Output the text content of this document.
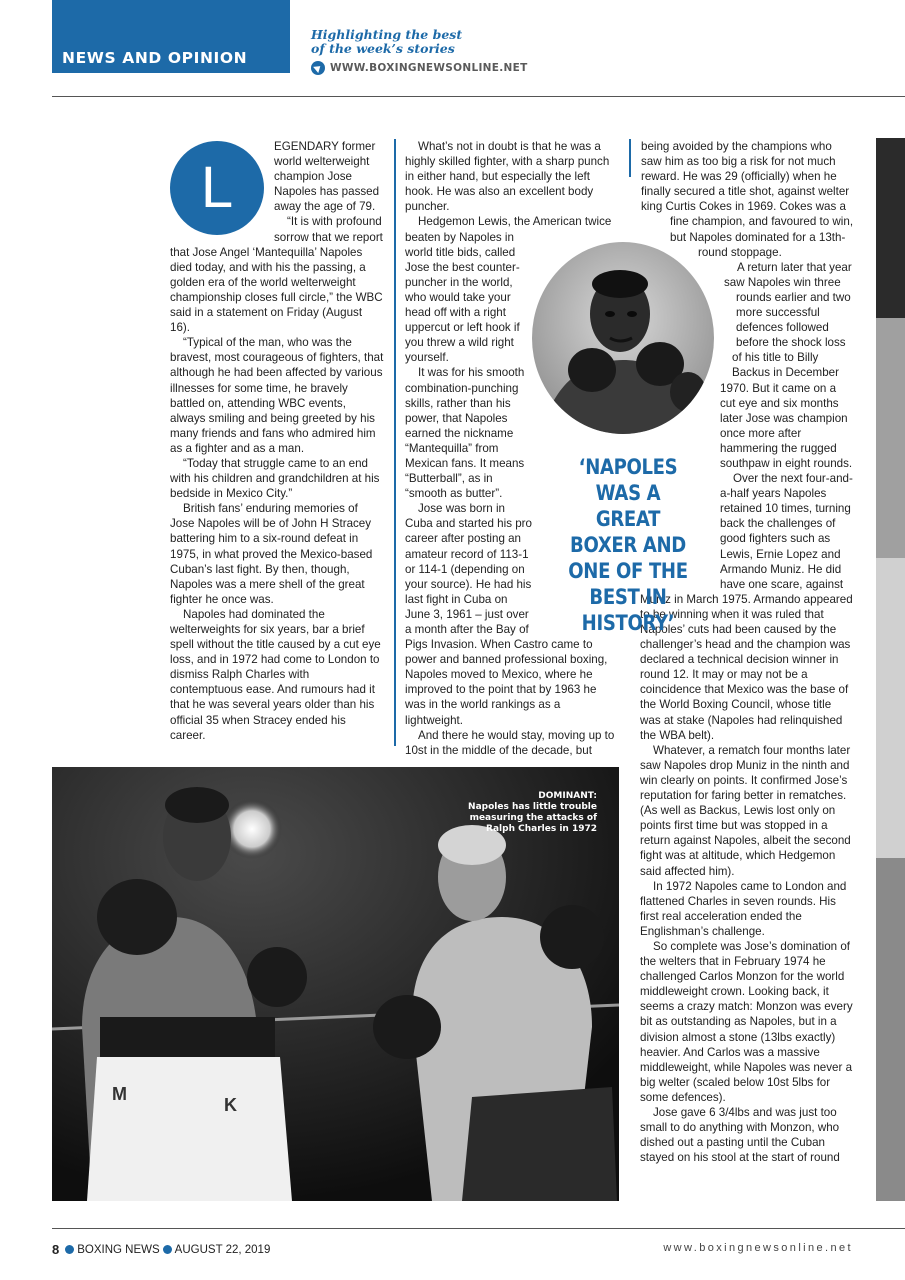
NEWS AND OPINION
Highlighting the best
of the week’s stories
WWW.BOXINGNEWSONLINE.NET
L

EGENDARY former world welterweight champion Jose Napoles has passed away the age of 79.

“It is with profound sorrow that we report that Jose Angel ‘Mantequilla’ Napoles died today, and with his the passing, a golden era of the world welterweight championship closes full circle,” the WBC said in a statement on Friday (August 16).

“Typical of the man, who was the bravest, most courageous of fighters, that although he had been affected by various illnesses for some time, he bravely battled on, attending WBC events, always smiling and being greeted by his many friends and fans who admired him as a fighter and as a man.

“Today that struggle came to an end with his children and grandchildren at his bedside in Mexico City.”

British fans’ enduring memories of Jose Napoles will be of John H Stracey battering him to a six-round defeat in 1975, in what proved the Mexico-based Cuban’s last fight. By then, though, Napoles was a mere shell of the great fighter he once was.

Napoles had dominated the welterweights for six years, bar a brief spell without the title caused by a cut eye loss, and in 1972 had come to London to dismiss Ralph Charles with contemptuous ease. And rumours had it that he was several years older than his official 35 when Stracey ended his career.

What’s not in doubt is that he was a highly skilled fighter, with a sharp punch in either hand, but especially the left hook. He was also an excellent body puncher.

Hedgemon Lewis, the American twice beaten by Napoles in world title bids, called Jose the best counter-puncher in the world, who would take your head off with a right uppercut or left hook if you threw a wild right yourself.

It was for his smooth combination-punching skills, rather than his power, that Napoles earned the nickname “Mantequilla” from Mexican fans. It means “Butterball”, as in “smooth as butter”.

Jose was born in Cuba and started his pro career after posting an amateur record of 113-1 or 114-1 (depending on your source). He had his last fight in Cuba on June 3, 1961 – just over a month after the Bay of Pigs Invasion. When Castro came to power and banned professional boxing, Napoles moved to Mexico, where he improved to the point that by 1963 he was in the world rankings as a lightweight.

And there he would stay, moving up to 10st in the middle of the decade, but

being avoided by the champions who saw him as too big a risk for not much reward. He was 29 (officially) when he finally secured a title shot, against welter king Curtis Cokes in 1969. Cokes was a fine champion, and favoured to win, but Napoles dominated for a 13th-round stoppage.

A return later that year saw Napoles win three rounds earlier and two more successful defences followed before the shock loss of his title to Billy Backus in December 1970. But it came on a cut eye and six months later Jose was champion once more after hammering the rugged southpaw in eight rounds.

Over the next four-and-a-half years Napoles retained 10 times, turning back the challenges of good fighters such as Lewis, Ernie Lopez and Armando Muniz. He did have one scare, against Muniz in March 1975. Armando appeared to be winning when it was ruled that Napoles’ cuts had been caused by the challenger’s head and the champion was declared a technical decision winner in round 12. It may or may not be a coincidence that Mexico was the base of the World Boxing Council, whose title was at stake (Napoles had relinquished the WBA belt).

Whatever, a rematch four months later saw Napoles drop Muniz in the ninth and win clearly on points. It confirmed Jose’s reputation for faring better in rematches. (As well as Backus, Lewis lost only on points first time but was stopped in a return against Napoles, albeit the second fight was at altitude, which Hedgemon said affected him).

In 1972 Napoles came to London and flattened Charles in seven rounds. His first real acceleration ended the Englishman’s challenge.

So complete was Jose’s domination of the welters that in February 1974 he challenged Carlos Monzon for the world middleweight crown. Looking back, it seems a crazy match: Monzon was every bit as outstanding as Napoles, but in a division almost a stone (13lbs exactly) heavier. And Carlos was a massive middleweight, while Napoles was never a big welter (scaled below 10st 5lbs for some defences).

Jose gave 6 3/4lbs and was just too small to do anything with Monzon, who dished out a pasting until the Cuban stayed on his stool at the start of round

‘NAPOLES WAS A GREAT BOXER AND ONE OF THE BEST IN HISTORY’
M
K
DOMINANT:
Napoles has little trouble measuring the attacks of Ralph Charles in 1972
8 BOXING NEWS AUGUST 22, 2019	www.boxingnewsonline.net
